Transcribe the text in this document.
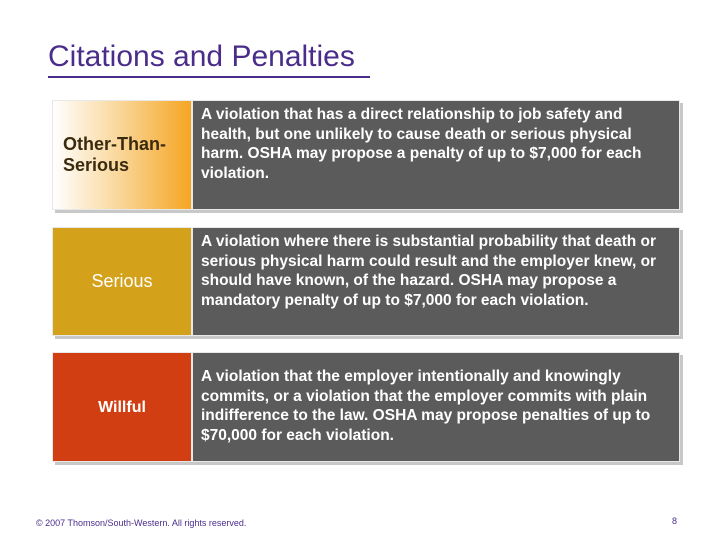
Citations and Penalties
Other-Than-Serious
A violation that has a direct relationship to job safety and health, but one unlikely to cause death or serious physical harm. OSHA may propose a penalty of up to $7,000 for each violation.
Serious
A violation where there is substantial probability that death or serious physical harm could result and the employer knew, or should have known, of the hazard. OSHA may propose a mandatory penalty of up to $7,000 for each violation.
Willful
A violation that the employer intentionally and knowingly commits, or a violation that the employer commits with plain indifference to the law. OSHA may propose penalties of up to $70,000 for each violation.
© 2007 Thomson/South-Western. All rights reserved.	8
